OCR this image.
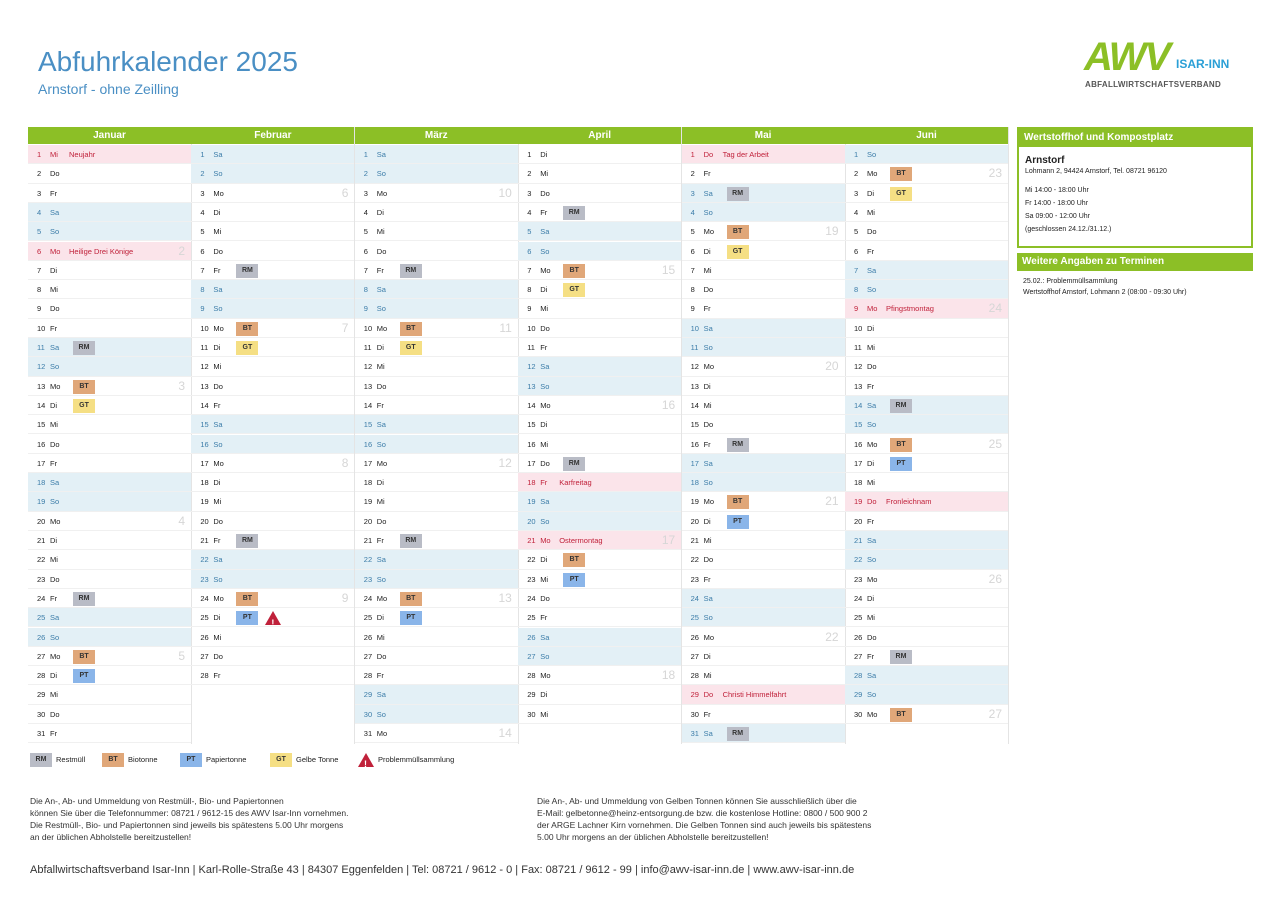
Abfuhrkalender 2025
Arnstorf - ohne Zeilling
AWV ISAR-INN
ABFALLWIRTSCHAFTSVERBAND
Januar
1 Mi Neujahr
2 Do
3 Fr
4 Sa
5 So
6 Mo Heilige Drei Könige	2
7 Di
8 Mi
9 Do
10 Fr
11 Sa	RM
12 So
13 Mo	BT	3
14 Di	GT
15 Mi
16 Do
17 Fr
18 Sa
19 So
20 Mo	4
21 Di
22 Mi
23 Do
24 Fr	RM
25 Sa
26 So
27 Mo	BT	5
28 Di	PT
29 Mi
30 Do
31 Fr
Februar
1 Sa
2 So
3 Mo	6
4 Di
5 Mi
6 Do
7 Fr	RM
8 Sa
9 So
10 Mo	BT	7
11 Di	GT
12 Mi
13 Do
14 Fr
15 Sa
16 So
17 Mo	8
18 Di
19 Mi
20 Do
21 Fr	RM
22 Sa
23 So
24 Mo	BT	9
25 Di	PT
!
26 Mi
27 Do
28 Fr
März
1 Sa
2 So
3 Mo	10
4 Di
5 Mi
6 Do
7 Fr	RM
8 Sa
9 So
10 Mo	BT	11
11 Di	GT
12 Mi
13 Do
14 Fr
15 Sa
16 So
17 Mo	12
18 Di
19 Mi
20 Do
21 Fr	RM
22 Sa
23 So
24 Mo	BT	13
25 Di	PT
26 Mi
27 Do
28 Fr
29 Sa
30 So
31 Mo	14
April
1 Di
2 Mi
3 Do
4 Fr	RM
5 Sa
6 So
7 Mo	BT	15
8 Di	GT
9 Mi
10 Do
11 Fr
12 Sa
13 So
14 Mo	16
15 Di
16 Mi
17 Do	RM
18 Fr Karfreitag
19 Sa
20 So
21 Mo Ostermontag	17
22 Di	BT
23 Mi	PT
24 Do
25 Fr
26 Sa
27 So
28 Mo	18
29 Di
30 Mi
Mai
1 Do Tag der Arbeit
2 Fr
3 Sa	RM
4 So
5 Mo	BT	19
6 Di	GT
7 Mi
8 Do
9 Fr
10 Sa
11 So
12 Mo	20
13 Di
14 Mi
15 Do
16 Fr	RM
17 Sa
18 So
19 Mo	BT	21
20 Di	PT
21 Mi
22 Do
23 Fr
24 Sa
25 So
26 Mo	22
27 Di
28 Mi
29 Do Christi Himmelfahrt
30 Fr
31 Sa	RM
Juni
1 So
2 Mo	BT	23
3 Di	GT
4 Mi
5 Do
6 Fr
7 Sa
8 So
9 Mo Pfingstmontag	24
10 Di
11 Mi
12 Do
13 Fr
14 Sa	RM
15 So
16 Mo	BT	25
17 Di	PT
18 Mi
19 Do Fronleichnam
20 Fr
21 Sa
22 So
23 Mo	26
24 Di
25 Mi
26 Do
27 Fr	RM
28 Sa
29 So
30 Mo	BT	27
Wertstoffhof und Kompostplatz
Arnstorf
Lohmann 2, 94424 Arnstorf, Tel. 08721 96120
Mi 14:00 - 18:00 Uhr
Fr 14:00 - 18:00 Uhr
Sa 09:00 - 12:00 Uhr
(geschlossen 24.12./31.12.)
Weitere Angaben zu Terminen
25.02.: Problemmüllsammlung
Wertstoffhof Arnstorf, Lohmann 2 (08:00 - 09:30 Uhr)
RM	Restmüll	BT	Biotonne	PT	Papiertonne	GT	Gelbe Tonne	! Problemmüllsammlung
Die An-, Ab- und Ummeldung von Restmüll-, Bio- und Papiertonnen
können Sie über die Telefonnummer: 08721 / 9612-15 des AWV Isar-Inn vornehmen.
Die Restmüll-, Bio- und Papiertonnen sind jeweils bis spätestens 5.00 Uhr morgens
an der üblichen Abholstelle bereitzustellen!
Die An-, Ab- und Ummeldung von Gelben Tonnen können Sie ausschließlich über die
E-Mail: gelbetonne@heinz-entsorgung.de bzw. die kostenlose Hotline: 0800 / 500 900 2
der ARGE Lachner Kirn vornehmen. Die Gelben Tonnen sind auch jeweils bis spätestens
5.00 Uhr morgens an der üblichen Abholstelle bereitzustellen!
Abfallwirtschaftsverband Isar-Inn | Karl-Rolle-Straße 43 | 84307 Eggenfelden | Tel: 08721 / 9612 - 0 | Fax: 08721 / 9612 - 99 | info@awv-isar-inn.de | www.awv-isar-inn.de
